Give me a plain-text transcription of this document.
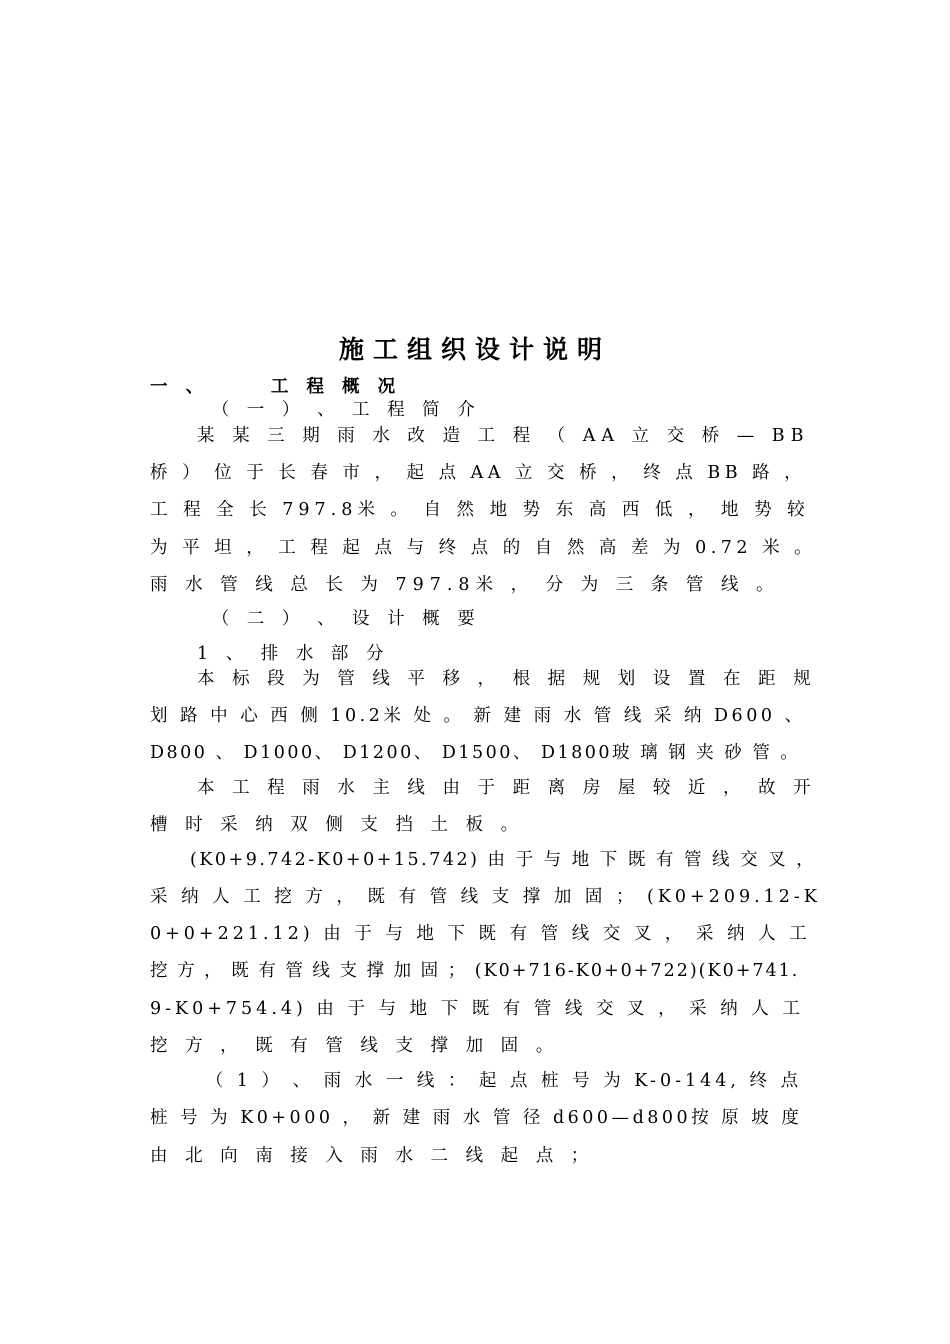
施工组织设计说明
一 、　　　工 程 概 况
　　　（ 一 ） 、 工 程 简 介
　　某 某 三 期 雨 水 改 造 工 程 （ AA 立 交 桥 — BB
桥 ） 位 于 长 春 市 ， 起 点 AA 立 交 桥 ， 终 点 BB 路 ，
工 程 全 长 797.8米 。 自 然 地 势 东 高 西 低 ， 地 势 较
为 平 坦 ， 工 程 起 点 与 终 点 的 自 然 高 差 为 0.72 米 。
雨 水 管 线 总 长 为 797.8米 ， 分 为 三 条 管 线 。
　　　（ 二 ） 、 设 计 概 要
　　1 、 排 水 部 分
　　本 标 段 为 管 线 平 移 ， 根 据 规 划 设 置 在 距 规
划 路 中 心 西 侧 10.2米 处 。 新 建 雨 水 管 线 采 纳 D600 、
D800 、 D1000、 D1200、 D1500、 D1800玻 璃 钢 夹 砂 管 。
　　本 工 程 雨 水 主 线 由 于 距 离 房 屋 较 近 ， 故 开
槽 时 采 纳 双 侧 支 挡 土 板 。
　　(K0+9.742-K0+0+15.742) 由 于 与 地 下 既 有 管 线 交 叉 ，
采 纳 人 工 挖 方 ， 既 有 管 线 支 撑 加 固 ； (K0+209.12-K
0+0+221.12) 由 于 与 地 下 既 有 管 线 交 叉 ， 采 纳 人 工
挖 方 ， 既 有 管 线 支 撑 加 固 ； (K0+716-K0+0+722)(K0+741.
9-K0+754.4) 由 于 与 地 下 既 有 管 线 交 叉 ， 采 纳 人 工
挖 方 ， 既 有 管 线 支 撑 加 固 。
　　　（ 1 ） 、 雨 水 一 线 ： 起 点 桩 号 为 K-0-144, 终 点
桩 号 为 K0+000 ， 新 建 雨 水 管 径 d600—d800按 原 坡 度
由 北 向 南 接 入 雨 水 二 线 起 点 ；
